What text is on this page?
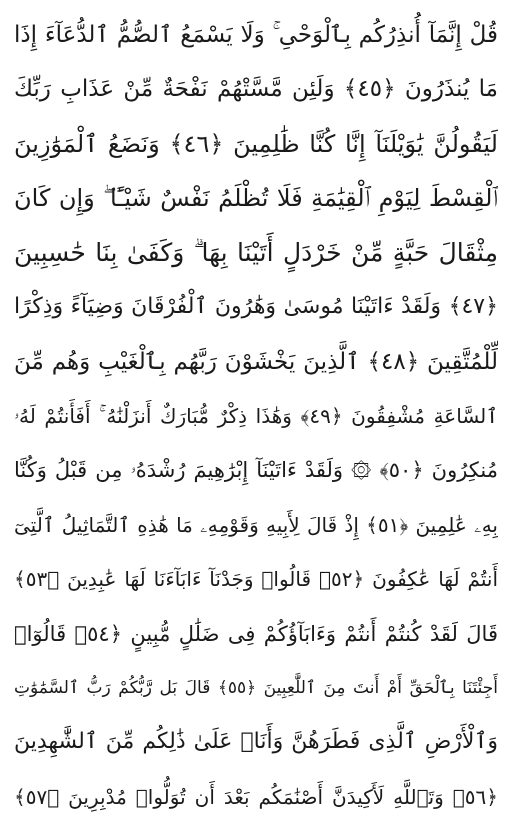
قُلْ إِنَّمَآ أُنذِرُكُم بِٱلْوَحْىِ ۚ وَلَا يَسْمَعُ ٱلصُّمُّ ٱلدُّعَآءَ إِذَا
مَا يُنذَرُونَ ﴿٤٥﴾ وَلَئِن مَّسَّتْهُمْ نَفْحَةٌ مِّنْ عَذَابِ رَبِّكَ
لَيَقُولُنَّ يَٰوَيْلَنَآ إِنَّا كُنَّا ظَٰلِمِينَ ﴿٤٦﴾ وَنَضَعُ ٱلْمَوَٰزِينَ
ٱلْقِسْطَ لِيَوْمِ ٱلْقِيَٰمَةِ فَلَا تُظْلَمُ نَفْسٌ شَيْـًٔا ۖ وَإِن كَانَ
مِثْقَالَ حَبَّةٍ مِّنْ خَرْدَلٍ أَتَيْنَا بِهَا ۗ وَكَفَىٰ بِنَا حَٰسِبِينَ
﴿٤٧﴾ وَلَقَدْ ءَاتَيْنَا مُوسَىٰ وَهَٰرُونَ ٱلْفُرْقَانَ وَضِيَآءً وَذِكْرًا
لِّلْمُتَّقِينَ ﴿٤٨﴾ ٱلَّذِينَ يَخْشَوْنَ رَبَّهُم بِٱلْغَيْبِ وَهُم مِّنَ
ٱلسَّاعَةِ مُشْفِقُونَ ﴿٤٩﴾ وَهَٰذَا ذِكْرٌ مُّبَارَكٌ أَنزَلْنَٰهُ ۚ أَفَأَنتُمْ لَهُۥ
مُنكِرُونَ ﴿٥٠﴾ ۞ وَلَقَدْ ءَاتَيْنَآ إِبْرَٰهِيمَ رُشْدَهُۥ مِن قَبْلُ وَكُنَّا
بِهِۦ عَٰلِمِينَ ﴿٥١﴾ إِذْ قَالَ لِأَبِيهِ وَقَوْمِهِۦ مَا هَٰذِهِ ٱلتَّمَاثِيلُ ٱلَّتِىٓ
أَنتُمْ لَهَا عَٰكِفُونَ ﴿٥٢﴾ قَالُوا۟ وَجَدْنَآ ءَابَآءَنَا لَهَا عَٰبِدِينَ ﴿٥٣﴾
قَالَ لَقَدْ كُنتُمْ أَنتُمْ وَءَابَآؤُكُمْ فِى ضَلَٰلٍ مُّبِينٍ ﴿٥٤﴾ قَالُوٓا۟
أَجِئْتَنَا بِٱلْحَقِّ أَمْ أَنتَ مِنَ ٱللَّٰعِبِينَ ﴿٥٥﴾ قَالَ بَل رَّبُّكُمْ رَبُّ ٱلسَّمَٰوَٰتِ
وَٱلْأَرْضِ ٱلَّذِى فَطَرَهُنَّ وَأَنَا۠ عَلَىٰ ذَٰلِكُم مِّنَ ٱلشَّٰهِدِينَ
﴿٥٦﴾ وَتَٱللَّهِ لَأَكِيدَنَّ أَصْنَٰمَكُم بَعْدَ أَن تُوَلُّوا۟ مُدْبِرِينَ ﴿٥٧﴾
